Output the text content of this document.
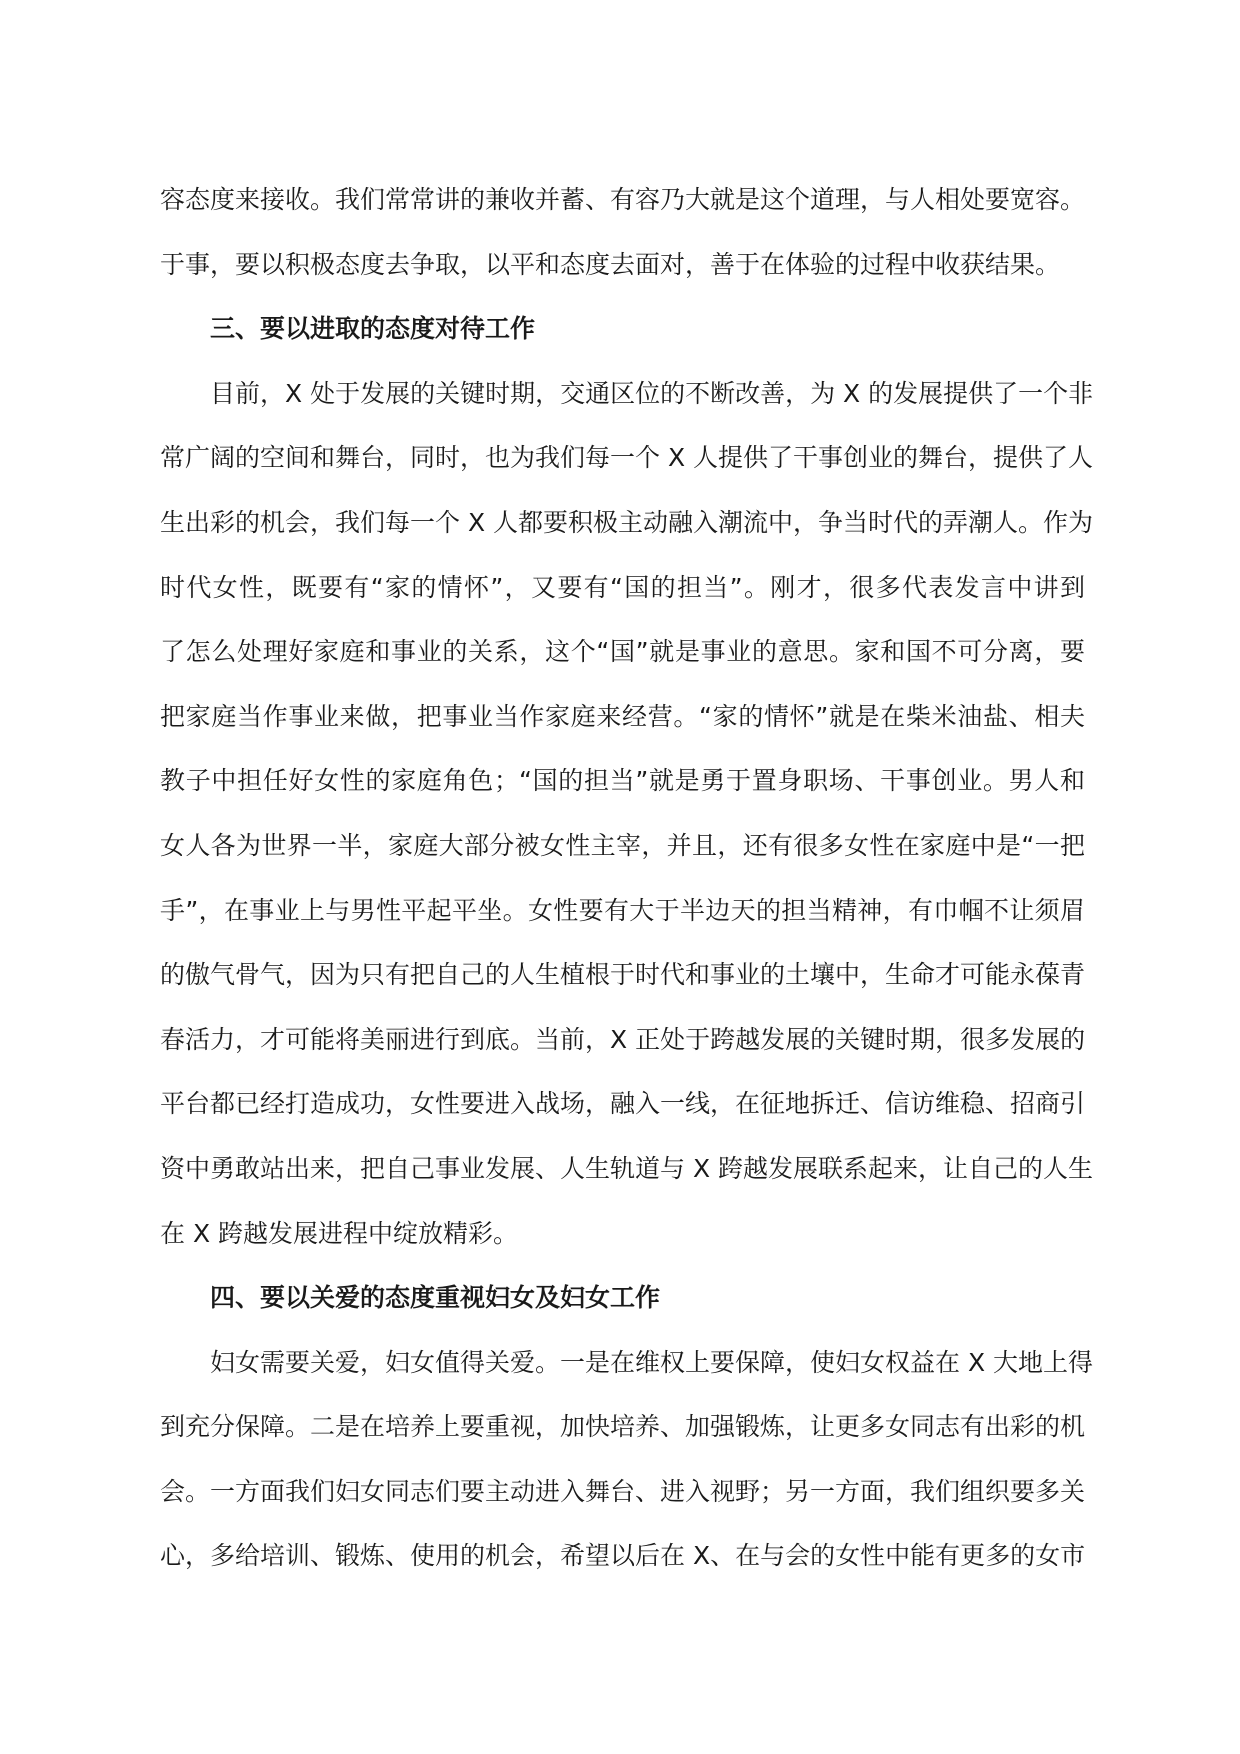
容态度来接收。我们常常讲的兼收并蓄、有容乃大就是这个道理，与人相处要宽容。
于事，要以积极态度去争取，以平和态度去面对，善于在体验的过程中收获结果。
三、要以进取的态度对待工作
目前，X 处于发展的关键时期，交通区位的不断改善，为 X 的发展提供了一个非
常广阔的空间和舞台，同时，也为我们每一个 X 人提供了干事创业的舞台，提供了人
生出彩的机会，我们每一个 X 人都要积极主动融入潮流中，争当时代的弄潮人。作为
时代女性，既要有“家的情怀”，又要有“国的担当”。刚才，很多代表发言中讲到
了怎么处理好家庭和事业的关系，这个“国”就是事业的意思。家和国不可分离，要
把家庭当作事业来做，把事业当作家庭来经营。“家的情怀”就是在柴米油盐、相夫
教子中担任好女性的家庭角色；“国的担当”就是勇于置身职场、干事创业。男人和
女人各为世界一半，家庭大部分被女性主宰，并且，还有很多女性在家庭中是“一把
手”，在事业上与男性平起平坐。女性要有大于半边天的担当精神，有巾帼不让须眉
的傲气骨气，因为只有把自己的人生植根于时代和事业的土壤中，生命才可能永葆青
春活力，才可能将美丽进行到底。当前，X 正处于跨越发展的关键时期，很多发展的
平台都已经打造成功，女性要进入战场，融入一线，在征地拆迁、信访维稳、招商引
资中勇敢站出来，把自己事业发展、人生轨道与 X 跨越发展联系起来，让自己的人生
在 X 跨越发展进程中绽放精彩。
四、要以关爱的态度重视妇女及妇女工作
妇女需要关爱，妇女值得关爱。一是在维权上要保障，使妇女权益在 X 大地上得
到充分保障。二是在培养上要重视，加快培养、加强锻炼，让更多女同志有出彩的机
会。一方面我们妇女同志们要主动进入舞台、进入视野；另一方面，我们组织要多关
心，多给培训、锻炼、使用的机会，希望以后在 X、在与会的女性中能有更多的女市
